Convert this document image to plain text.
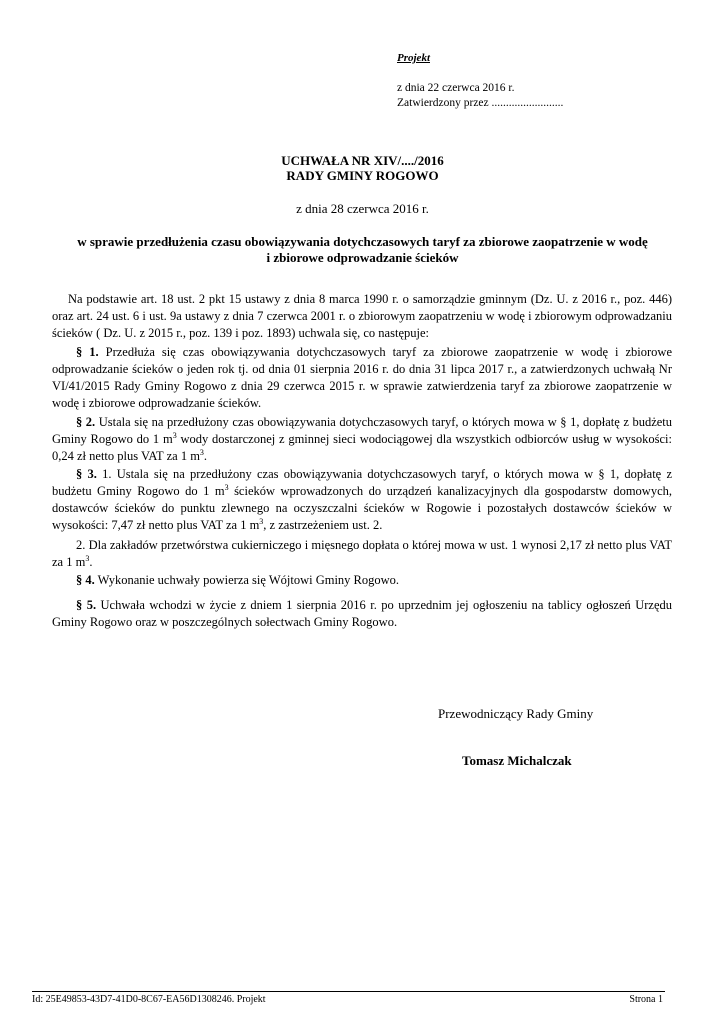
Projekt
z dnia 22 czerwca 2016 r.
Zatwierdzony przez .........................
UCHWAŁA NR XIV/..../2016
RADY GMINY ROGOWO
z dnia 28 czerwca 2016 r.
w sprawie przedłużenia czasu obowiązywania dotychczasowych taryf za zbiorowe zaopatrzenie w wodę
i zbiorowe odprowadzanie ścieków
Na podstawie art. 18 ust. 2 pkt 15 ustawy z dnia 8 marca 1990 r. o samorządzie gminnym (Dz. U. z 2016 r., poz. 446) oraz art. 24 ust. 6 i ust. 9a ustawy z dnia 7 czerwca 2001 r. o zbiorowym zaopatrzeniu w wodę i zbiorowym odprowadzaniu ścieków ( Dz. U. z 2015 r., poz. 139 i poz. 1893) uchwala się, co następuje:
§ 1. Przedłuża się czas obowiązywania dotychczasowych taryf za zbiorowe zaopatrzenie w wodę i zbiorowe odprowadzanie ścieków o jeden rok tj. od dnia 01 sierpnia 2016 r. do dnia 31 lipca 2017 r., a zatwierdzonych uchwałą Nr VI/41/2015 Rady Gminy Rogowo z dnia 29 czerwca 2015 r. w sprawie zatwierdzenia taryf za zbiorowe zaopatrzenie w wodę i zbiorowe odprowadzanie ścieków.
§ 2. Ustala się na przedłużony czas obowiązywania dotychczasowych taryf, o których mowa w § 1, dopłatę z budżetu Gminy Rogowo do 1 $m^3$ wody dostarczonej z gminnej sieci wodociągowej dla wszystkich odbiorców usług w wysokości: 0,24 zł netto plus VAT za 1 $m^3$.
§ 3. 1. Ustala się na przedłużony czas obowiązywania dotychczasowych taryf, o których mowa w § 1, dopłatę z budżetu Gminy Rogowo do 1 $m^3$ ścieków wprowadzonych do urządzeń kanalizacyjnych dla gospodarstw domowych, dostawców ścieków do punktu zlewnego na oczyszczalni ścieków w Rogowie i pozostałych dostawców ścieków w wysokości: 7,47 zł netto plus VAT za 1 $m^3$, z zastrzeżeniem ust. 2.
2. Dla zakładów przetwórstwa cukierniczego i mięsnego dopłata o której mowa w ust. 1 wynosi 2,17 zł netto plus VAT za 1 $m^3$.
§ 4. Wykonanie uchwały powierza się Wójtowi Gminy Rogowo.
§ 5. Uchwała wchodzi w życie z dniem 1 sierpnia 2016 r. po uprzednim jej ogłoszeniu na tablicy ogłoszeń Urzędu Gminy Rogowo oraz w poszczególnych sołectwach Gminy Rogowo.
Przewodniczący Rady Gminy
Tomasz Michalczak
Id: 25E49853-43D7-41D0-8C67-EA56D1308246. Projekt	Strona 1
